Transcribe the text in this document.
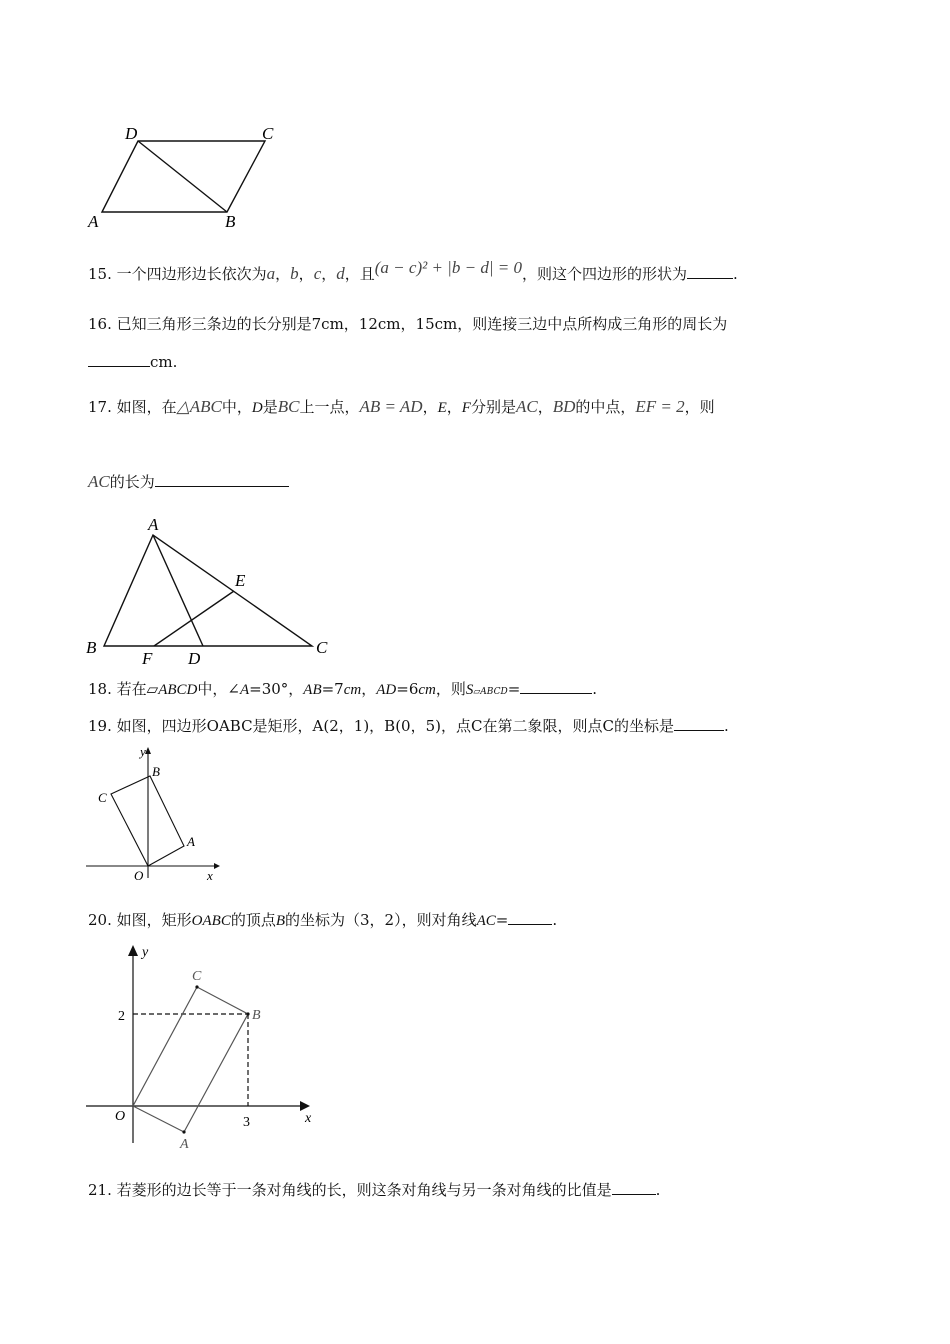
D	C
A	B
15. 一个四边形边长依次为a，b，c，d，且(a − c)² + |b − d| = 0，则这个四边形的形状为	.
16. 已知三角形三条边的长分别是7cm，12cm，15cm，则连接三边中点所构成三角形的周长为
cm.
17. 如图，在△ABC中，D是BC上一点，AB = AD，E，F分别是AC，BD的中点，EF = 2，则
AC的长为
A
E
B	C
F D
18. 若在▱ABCD中，∠A=30°，AB=7cm，AD=6cm，则S▱ABCD=	.
19. 如图，四边形OABC是矩形，A(2，1)，B(0，5)，点C在第二象限，则点C的坐标是	.
y
B
C
A
O	x
20. 如图，矩形OABC的顶点B的坐标为（3，2），则对角线AC=	.
y
C
B
2
O	3
A
x
21. 若菱形的边长等于一条对角线的长，则这条对角线与另一条对角线的比值是	.
